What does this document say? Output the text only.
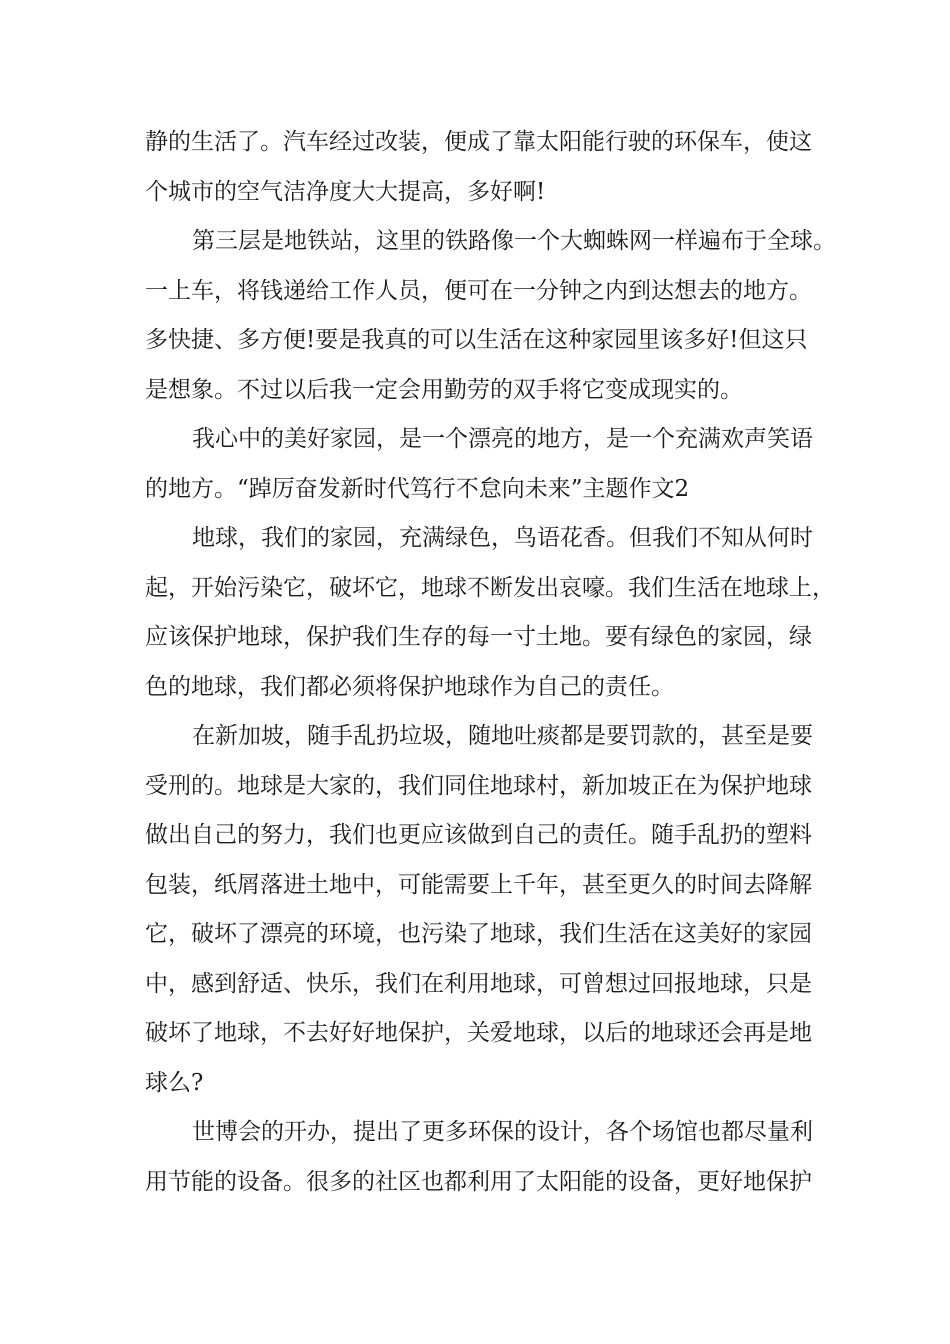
静的生活了。汽车经过改装，便成了靠太阳能行驶的环保车，使这
个城市的空气洁净度大大提高，多好啊!
第三层是地铁站，这里的铁路像一个大蜘蛛网一样遍布于全球。
一上车，将钱递给工作人员，便可在一分钟之内到达想去的地方。
多快捷、多方便!要是我真的可以生活在这种家园里该多好!但这只
是想象。不过以后我一定会用勤劳的双手将它变成现实的。
我心中的美好家园，是一个漂亮的地方，是一个充满欢声笑语
的地方。“踔厉奋发新时代笃行不怠向未来”主题作文2
地球，我们的家园，充满绿色，鸟语花香。但我们不知从何时
起，开始污染它，破坏它，地球不断发出哀嚎。我们生活在地球上，
应该保护地球，保护我们生存的每一寸土地。要有绿色的家园，绿
色的地球，我们都必须将保护地球作为自己的责任。
在新加坡，随手乱扔垃圾，随地吐痰都是要罚款的，甚至是要
受刑的。地球是大家的，我们同住地球村，新加坡正在为保护地球
做出自己的努力，我们也更应该做到自己的责任。随手乱扔的塑料
包装，纸屑落进土地中，可能需要上千年，甚至更久的时间去降解
它，破坏了漂亮的环境，也污染了地球，我们生活在这美好的家园
中，感到舒适、快乐，我们在利用地球，可曾想过回报地球，只是
破坏了地球，不去好好地保护，关爱地球，以后的地球还会再是地
球么?
世博会的开办，提出了更多环保的设计，各个场馆也都尽量利
用节能的设备。很多的社区也都利用了太阳能的设备，更好地保护
